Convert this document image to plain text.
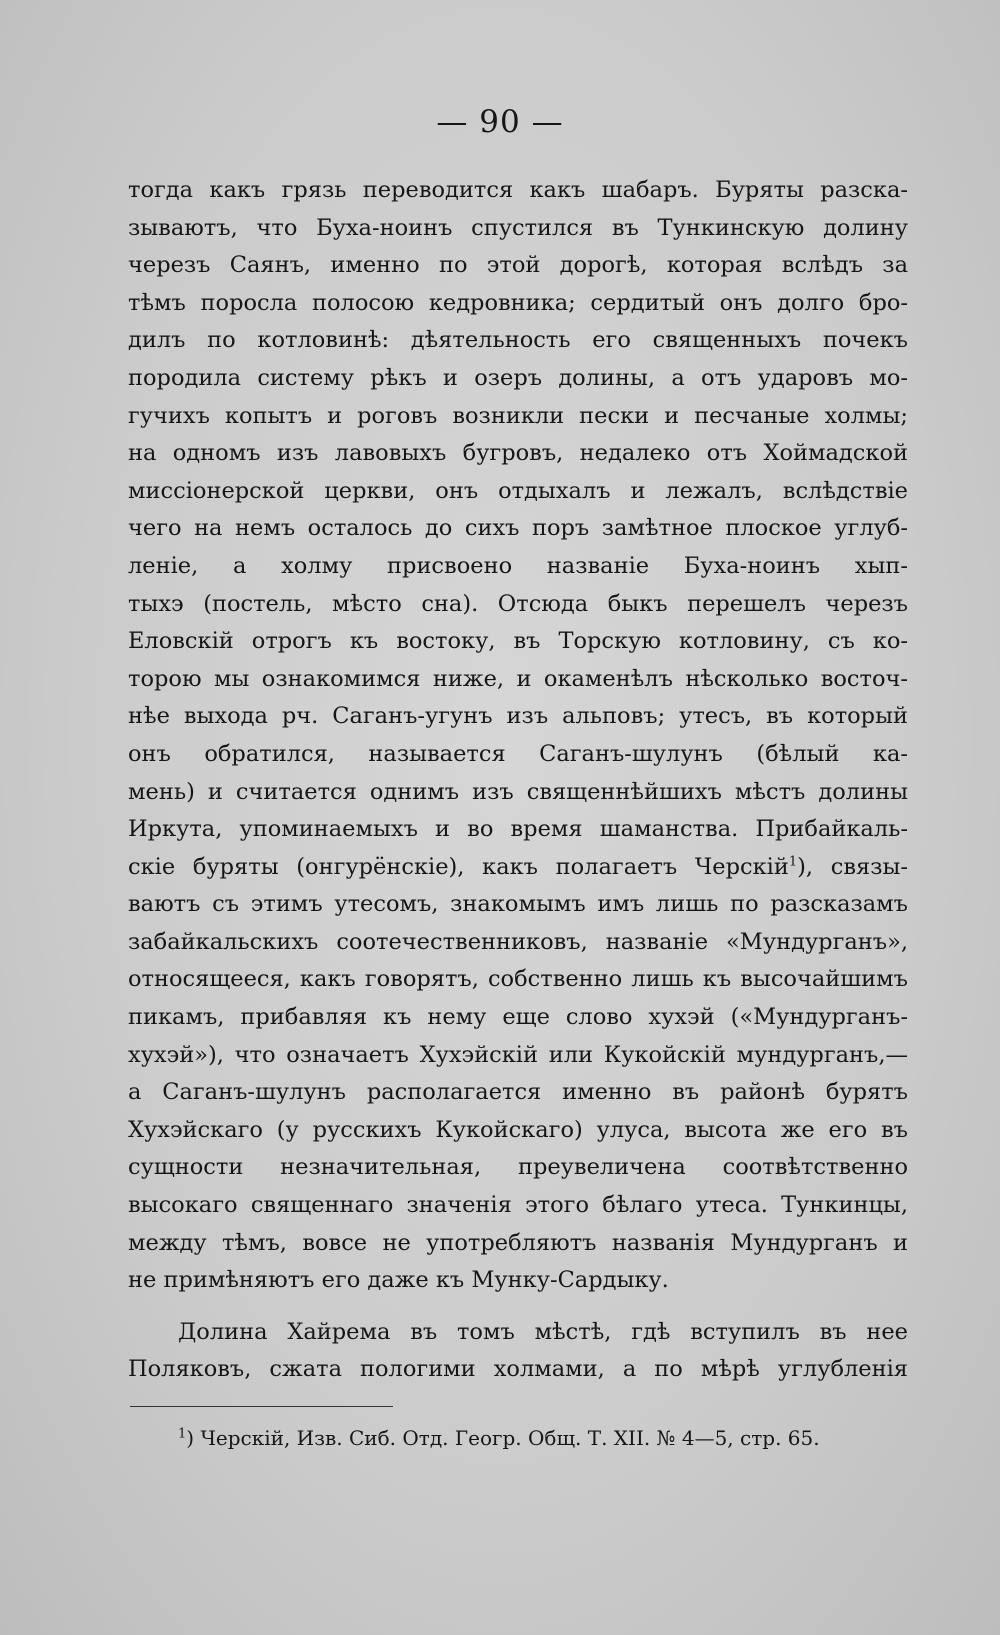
— 90 —
тогда какъ грязь переводится какъ шабаръ. Буряты разска-
зываютъ, что Буха-ноинъ спустился въ Тункинскую долину
черезъ Саянъ, именно по этой дорогѣ, которая вслѣдъ за
тѣмъ поросла полосою кедровника; сердитый онъ долго бро-
дилъ по котловинѣ: дѣятельность его священныхъ почекъ
породила систему рѣкъ и озеръ долины, а отъ ударовъ мо-
гучихъ копытъ и роговъ возникли пески и песчаные холмы;
на одномъ изъ лавовыхъ бугровъ, недалеко отъ Хоймадской
миссіонерской церкви, онъ отдыхалъ и лежалъ, вслѣдствіе
чего на немъ осталось до сихъ поръ замѣтное плоское углуб-
леніе, а холму присвоено названіе Буха-ноинъ хып-
тыхэ (постель, мѣсто сна). Отсюда быкъ перешелъ черезъ
Еловскій отрогъ къ востоку, въ Торскую котловину, съ ко-
торою мы ознакомимся ниже, и окаменѣлъ нѣсколько восточ-
нѣе выхода рч. Саганъ-угунъ изъ альповъ; утесъ, въ который
онъ обратился, называется Саганъ-шулунъ (бѣлый ка-
мень) и считается однимъ изъ священнѣйшихъ мѣстъ долины
Иркута, упоминаемыхъ и во время шаманства. Прибайкаль-
скіе буряты (онгурёнскіе), какъ полагаетъ Черскій$^1$), связы-
ваютъ съ этимъ утесомъ, знакомымъ имъ лишь по разсказамъ
забайкальскихъ соотечественниковъ, названіе «Мундурганъ»,
относящееся, какъ говорятъ, собственно лишь къ высочайшимъ
пикамъ, прибавляя къ нему еще слово хухэй («Мундурганъ-
хухэй»), что означаетъ Хухэйскій или Кукойскій мундурганъ,—
а Саганъ-шулунъ располагается именно въ районѣ бурятъ
Хухэйскаго (у русскихъ Кукойскаго) улуса, высота же его въ
сущности незначительная, преувеличена соотвѣтственно
высокаго священнаго значенія этого бѣлаго утеса. Тункинцы,
между тѣмъ, вовсе не употребляютъ названія Мундурганъ и
не примѣняютъ его даже къ Мунку-Сардыку.
Долина Хайрема въ томъ мѣстѣ, гдѣ вступилъ въ нее
Поляковъ, сжата пологими холмами, а по мѣрѣ углубленія
$^1$) Черскій, Изв. Сиб. Отд. Геогр. Общ. Т. XII. № 4—5, стр. 65.
